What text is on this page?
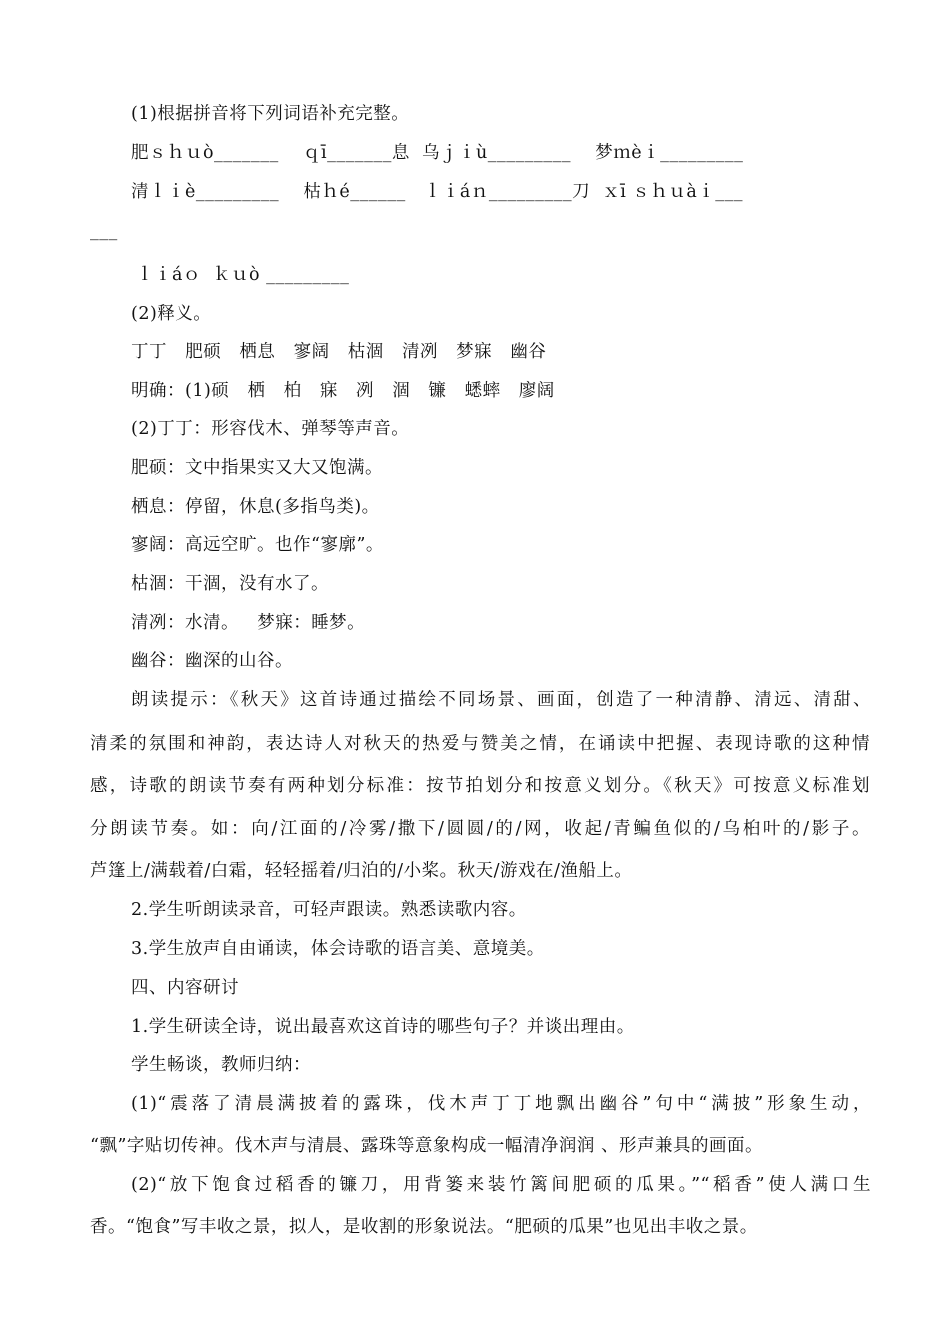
(1)根据拼音将下列词语补充完整。
肥ｓｈｕò_______    ｑī_______息  乌ｊｉù_________    梦ｍèｉ_________
清ｌｉè_________    枯ｈé______   ｌｉáｎ_________刀  ｘī ｓｈｕàｉ___
___
ｌｉáｏ  ｋｕò _________
(2)释义。
丁丁   肥硕   栖息   寥阔   枯涸   清冽   梦寐   幽谷
明确：(1)硕   栖   柏   寐   冽   涸   镰   蟋蟀   廖阔
(2)丁丁：形容伐木、弹琴等声音。
肥硕：文中指果实又大又饱满。
栖息：停留，休息(多指鸟类)。
寥阔：高远空旷。也作“寥廓”。
枯涸：干涸，没有水了。
清冽：水清。   梦寐：睡梦。
幽谷：幽深的山谷。
朗读提示：《秋天》这首诗通过描绘不同场景、画面，创造了一种清静、清远、清甜、
清柔的氛围和神韵，表达诗人对秋天的热爱与赞美之情，在诵读中把握、表现诗歌的这种情
感，诗歌的朗读节奏有两种划分标准：按节拍划分和按意义划分。《秋天》可按意义标准划
分朗读节奏。如：向/江面的/冷雾/撒下/圆圆/的/网，收起/青鳊鱼似的/乌桕叶的/影子。
芦篷上/满载着/白霜，轻轻摇着/归泊的/小桨。秋天/游戏在/渔船上。
2.学生听朗读录音，可轻声跟读。熟悉读歌内容。
3.学生放声自由诵读，体会诗歌的语言美、意境美。
四、内容研讨
1.学生研读全诗，说出最喜欢这首诗的哪些句子？并谈出理由。
学生畅谈，教师归纳：
(1)“震落了清晨满披着的露珠，伐木声丁丁地飘出幽谷”句中“满披”形象生动，
“飘”字贴切传神。伐木声与清晨、露珠等意象构成一幅清净润润 、形声兼具的画面。
(2)“放下饱食过稻香的镰刀，用背篓来装竹篱间肥硕的瓜果。”“稻香”使人满口生
香。“饱食”写丰收之景，拟人，是收割的形象说法。“肥硕的瓜果”也见出丰收之景。
